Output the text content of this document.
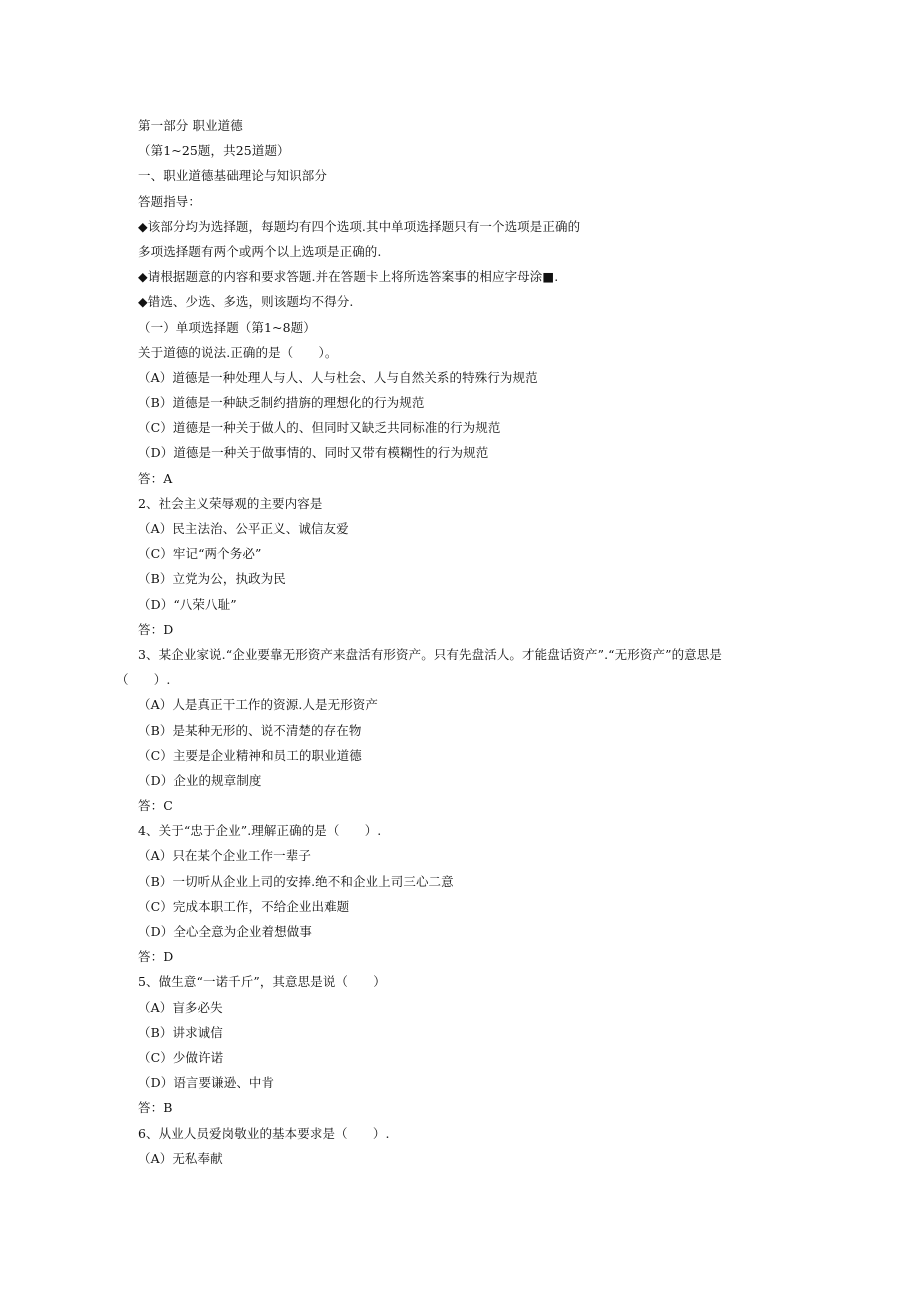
第一部分 职业道德
（第1~25题，共25道题）
一、职业道德基础理论与知识部分
答题指导：
◆该部分均为选择题，每题均有四个选项.其中单项选择题只有一个选项是正确的
多项选择题有两个或两个以上选项是正确的.
◆请根据题意的内容和要求答题.并在答题卡上将所选答案事的相应字母涂■.
◆错选、少选、多选，则该题均不得分.
（一）单项选择题（第1~8题）
关于道德的说法.正确的是（　　）。
（A）道德是一种处理人与人、人与杜会、人与自然关系的特殊行为规范
（B）道德是一种缺乏制约措旃的理想化的行为规范
（C）道德是一种关于做人的、但同时又缺乏共同标准的行为规范
（D）道德是一种关于做事情的、同时又带有模糊性的行为规范
答：A
2、社会主义荣辱观的主要内容是
（A）民主法治、公平正义、诚信友爱
（C）牢记“两个务必”
（B）立党为公，执政为民
（D）“八荣八耻”
答：D
3、某企业家说.“企业要靠无形资产来盘活有形资产。只有先盘活人。才能盘话资产”.“无形资产”的意思是
（　　）.
（A）人是真正干工作的资源.人是无形资产
（B）是某种无形的、说不清楚的存在物
（C）主要是企业精神和员工的职业道德
（D）企业的规章制度
答：C
4、关于“忠于企业”.理解正确的是（　　）.
（A）只在某个企业工作一辈子
（B）一切听从企业上司的安捧.绝不和企业上司三心二意
（C）完成本职工作，不给企业出难题
（D）全心全意为企业着想做事
答：D
5、做生意“一诺千斤”，其意思是说（　　）
（A）盲多必失
（B）讲求诚信
（C）少做许诺
（D）语言要谦逊、中肯
答：B
6、从业人员爱岗敬业的基本要求是（　　）.
（A）无私奉献
